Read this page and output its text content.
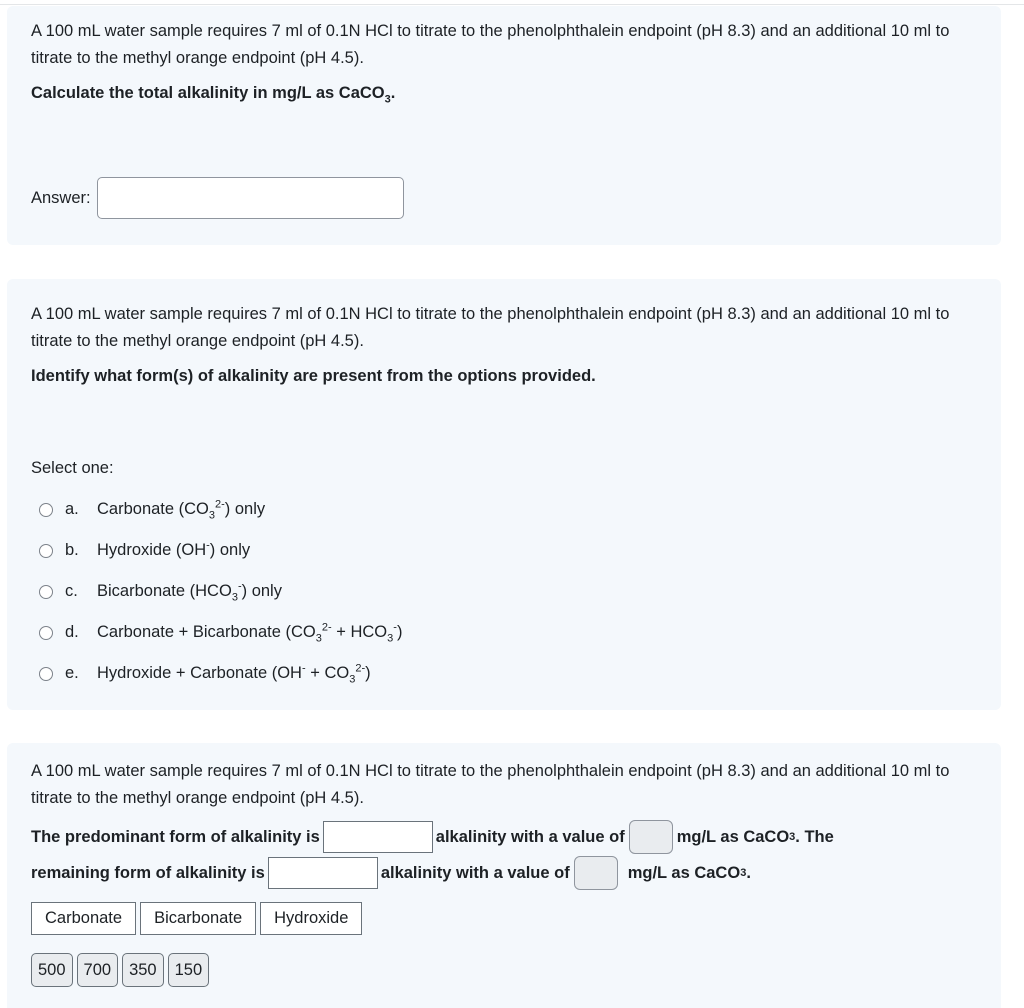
A 100 mL water sample requires 7 ml of 0.1N HCl to titrate to the phenolphthalein endpoint (pH 8.3) and an additional 10 ml to titrate to the methyl orange endpoint (pH 4.5).

Calculate the total alkalinity in mg/L as CaCO$_3$.
Answer:

A 100 mL water sample requires 7 ml of 0.1N HCl to titrate to the phenolphthalein endpoint (pH 8.3) and an additional 10 ml to titrate to the methyl orange endpoint (pH 4.5).

Identify what form(s) of alkalinity are present from the options provided.
Select one:
a.	Carbonate $(CO_3^{2-})$ only
b.	Hydroxide (OH-) only
c.	Bicarbonate $(HCO_3^-)$ only
d.	Carbonate + Bicarbonate $(CO_3^{2-} + HCO_3^-)$
e.	Hydroxide + Carbonate $(OH^- + CO_3^{2-})$

A 100 mL water sample requires 7 ml of 0.1N HCl to titrate to the phenolphthalein endpoint (pH 8.3) and an additional 10 ml to titrate to the methyl orange endpoint (pH 4.5).

The predominant form of alkalinity is	alkalinity with a value of	mg/L as CaCO 3 . The
remaining form of alkalinity is	alkalinity with a value of	mg/L as CaCO 3 .
Carbonate	Bicarbonate	Hydroxide
500	700	350	150
